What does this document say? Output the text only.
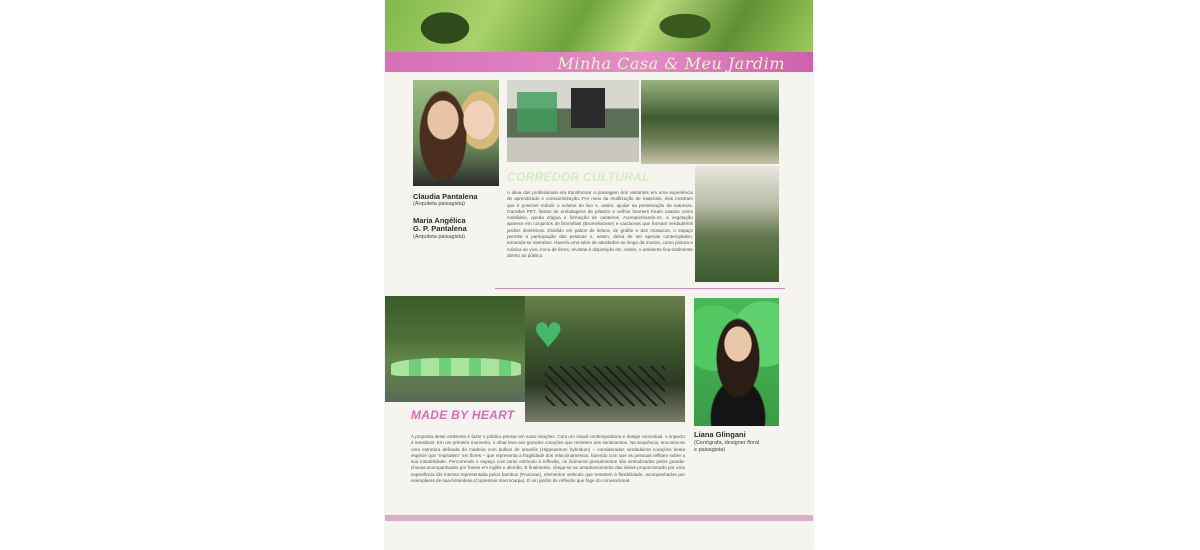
Minha Casa & Meu Jardim
Claudia Pantalena
(Arquiteta paisagista)
Maria Angélica
G. P. Pantalena
(Arquiteta paisagista)
CORREDOR CULTURAL
A ideia dos profissionais era transformar a passagem dos visitantes em uma experiência de aprendizado e conscientização. Por meio da reutilização de materiais, elas mostram que é possível reduzir o volume do lixo e, assim, ajudar na preservação da natureza. Garrafas PET, fardos de embalagens de plástico e velhos banners foram usados como mobiliário, queda d'água e formação de canteiros. Acompanhando-os, a vegetação aparece em conjuntos de bromélias (Bromeliaceae) e cactáceas que formam verdadeiros jardins desérticos. Dividido em pátios de leitura, de grafite e dos mosaicos, o espaço permite a participação das pessoas e, assim, deixa de ser apenas contemplativo, tornando-se interativo. Haverá uma série de atividades ao longo da mostra, como pintura e música ao vivo, troca de livros, revistas à disposição etc. Assim, o ambiente fica totalmente aberto ao público.
♥
Liana Glingani
(Cenógrafa, designer floral
e paisagista)
MADE BY HEART
A proposta deste ambiente é fazer o público pensar em suas relações. Com um visual contemporâneo e design conceitual, o impacto é inevitável. Em um primeiro momento, o olhar leva aos grandes corações que remetem aos sentimentos. Na sequência, encontra-se uma estrutura delicada de madeira com bulbos de amarílis (Hippeastrum hybridum) – considerados verdadeiros corações desta espécie que "explodem" em flores – que representa a fragilidade dos relacionamentos, fazendo com que as pessoas reflitam sobre a sua instabilidade. Percorrendo o espaço com tanto estímulo à reflexão, os inúmeros pensamentos são simbolizados pelos guarda-chuvas acompanhados por frases em inglês e alemão. E finalmente, chega-se ao amadurecimento das ideias proporcionado por uma experiência tão intensa representada pelos bambus (Poaceae), elementos verticais que remetem à flexibilidade, acompanhados por exemplares de tuia-holandesa (Cupressus macrocarpa). É um jardim de reflexão que foge do convencional.
